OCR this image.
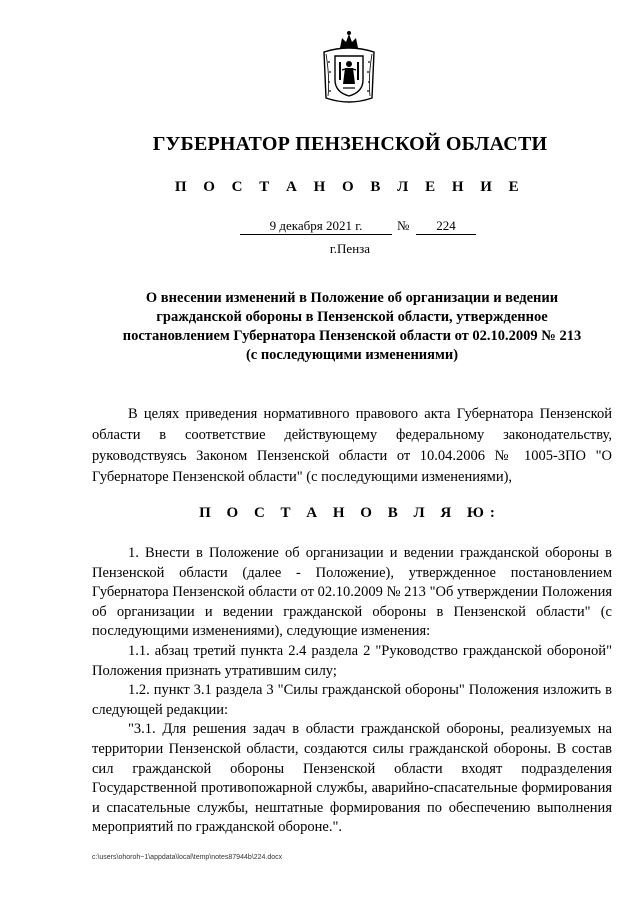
ГУБЕРНАТОР ПЕНЗЕНСКОЙ ОБЛАСТИ
П О С Т А Н О В Л Е Н И Е
9 декабря 2021 г.	№	224
г.Пенза
О внесении изменений в Положение об организации и ведении
гражданской обороны в Пензенской области, утвержденное
постановлением Губернатора Пензенской области от 02.10.2009 № 213
(с последующими изменениями)

В целях приведения нормативного правового акта Губернатора Пензенской области в соответствие действующему федеральному законодательству, руководствуясь Законом Пензенской области от 10.04.2006 № 1005-ЗПО "О Губернаторе Пензенской области" (с последующими изменениями),

П О С Т А Н О В Л Я Ю:

1. Внести в Положение об организации и ведении гражданской обороны в Пензенской области (далее - Положение), утвержденное постановлением Губернатора Пензенской области от 02.10.2009 № 213 "Об утверждении Положения об организации и ведении гражданской обороны в Пензенской области" (с последующими изменениями), следующие изменения:

1.1. абзац третий пункта 2.4 раздела 2 "Руководство гражданской обороной" Положения признать утратившим силу;

1.2. пункт 3.1 раздела 3 "Силы гражданской обороны" Положения изложить в следующей редакции:

"3.1. Для решения задач в области гражданской обороны, реализуемых на территории Пензенской области, создаются силы гражданской обороны. В состав сил гражданской обороны Пензенской области входят подразделения Государственной противопожарной службы, аварийно-спасательные формирования и спасательные службы, нештатные формирования по обеспечению выполнения мероприятий по гражданской обороне.".

c:\users\ohoroh~1\appdata\local\temp\notes87944b\224.docx
